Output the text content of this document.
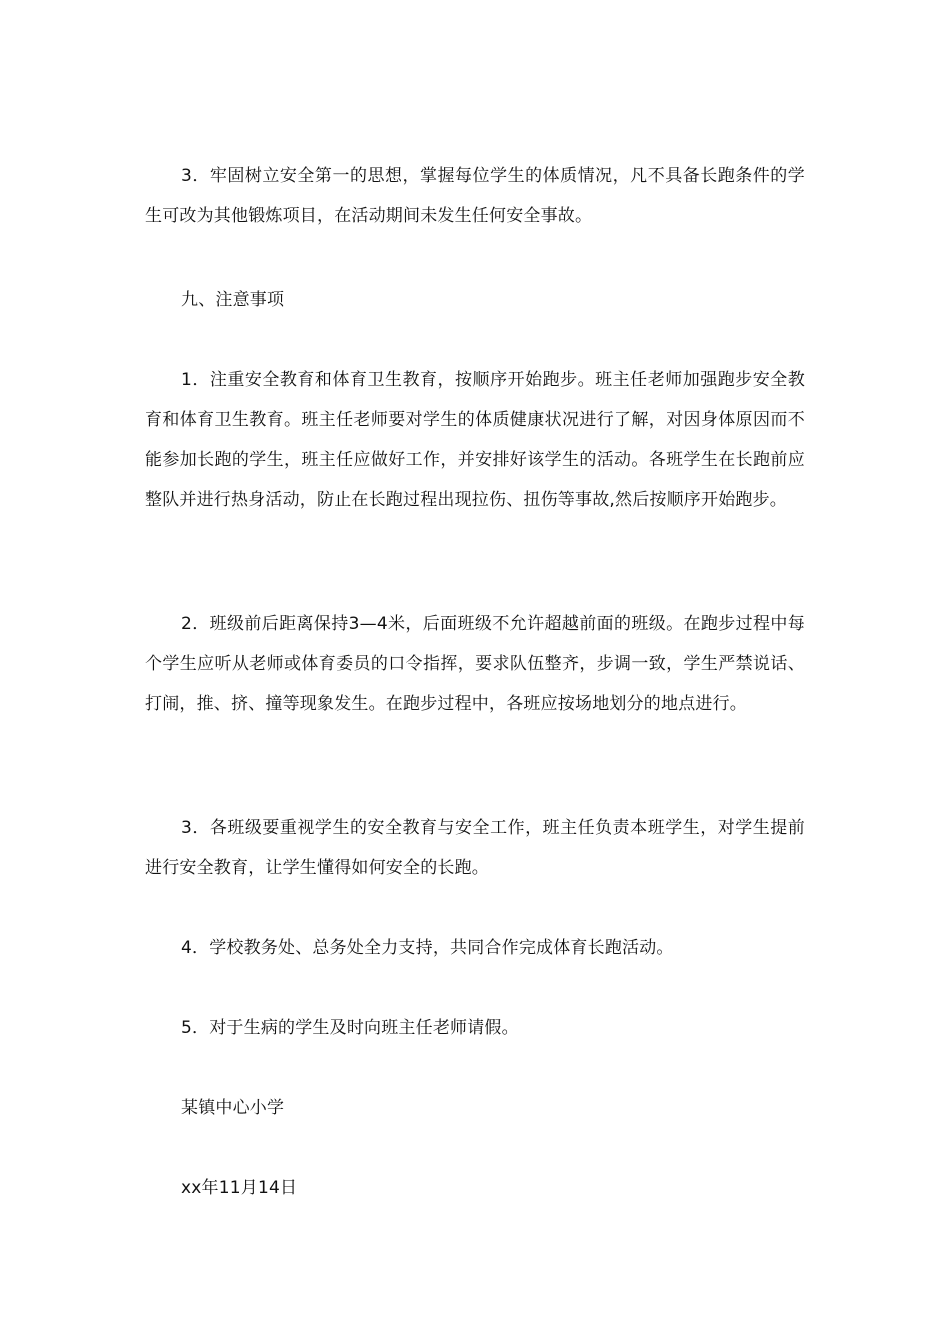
3．牢固树立安全第一的思想，掌握每位学生的体质情况，凡不具备长跑条件的学生可改为其他锻炼项目，在活动期间未发生任何安全事故。

九、注意事项

1．注重安全教育和体育卫生教育，按顺序开始跑步。班主任老师加强跑步安全教育和体育卫生教育。班主任老师要对学生的体质健康状况进行了解，对因身体原因而不能参加长跑的学生，班主任应做好工作，并安排好该学生的活动。各班学生在长跑前应整队并进行热身活动，防止在长跑过程出现拉伤、扭伤等事故,然后按顺序开始跑步。

2．班级前后距离保持3—4米，后面班级不允许超越前面的班级。在跑步过程中每个学生应听从老师或体育委员的口令指挥，要求队伍整齐，步调一致，学生严禁说话、打闹，推、挤、撞等现象发生。在跑步过程中，各班应按场地划分的地点进行。

3．各班级要重视学生的安全教育与安全工作，班主任负责本班学生，对学生提前进行安全教育，让学生懂得如何安全的长跑。

4．学校教务处、总务处全力支持，共同合作完成体育长跑活动。

5．对于生病的学生及时向班主任老师请假。

某镇中心小学

xx年11月14日
